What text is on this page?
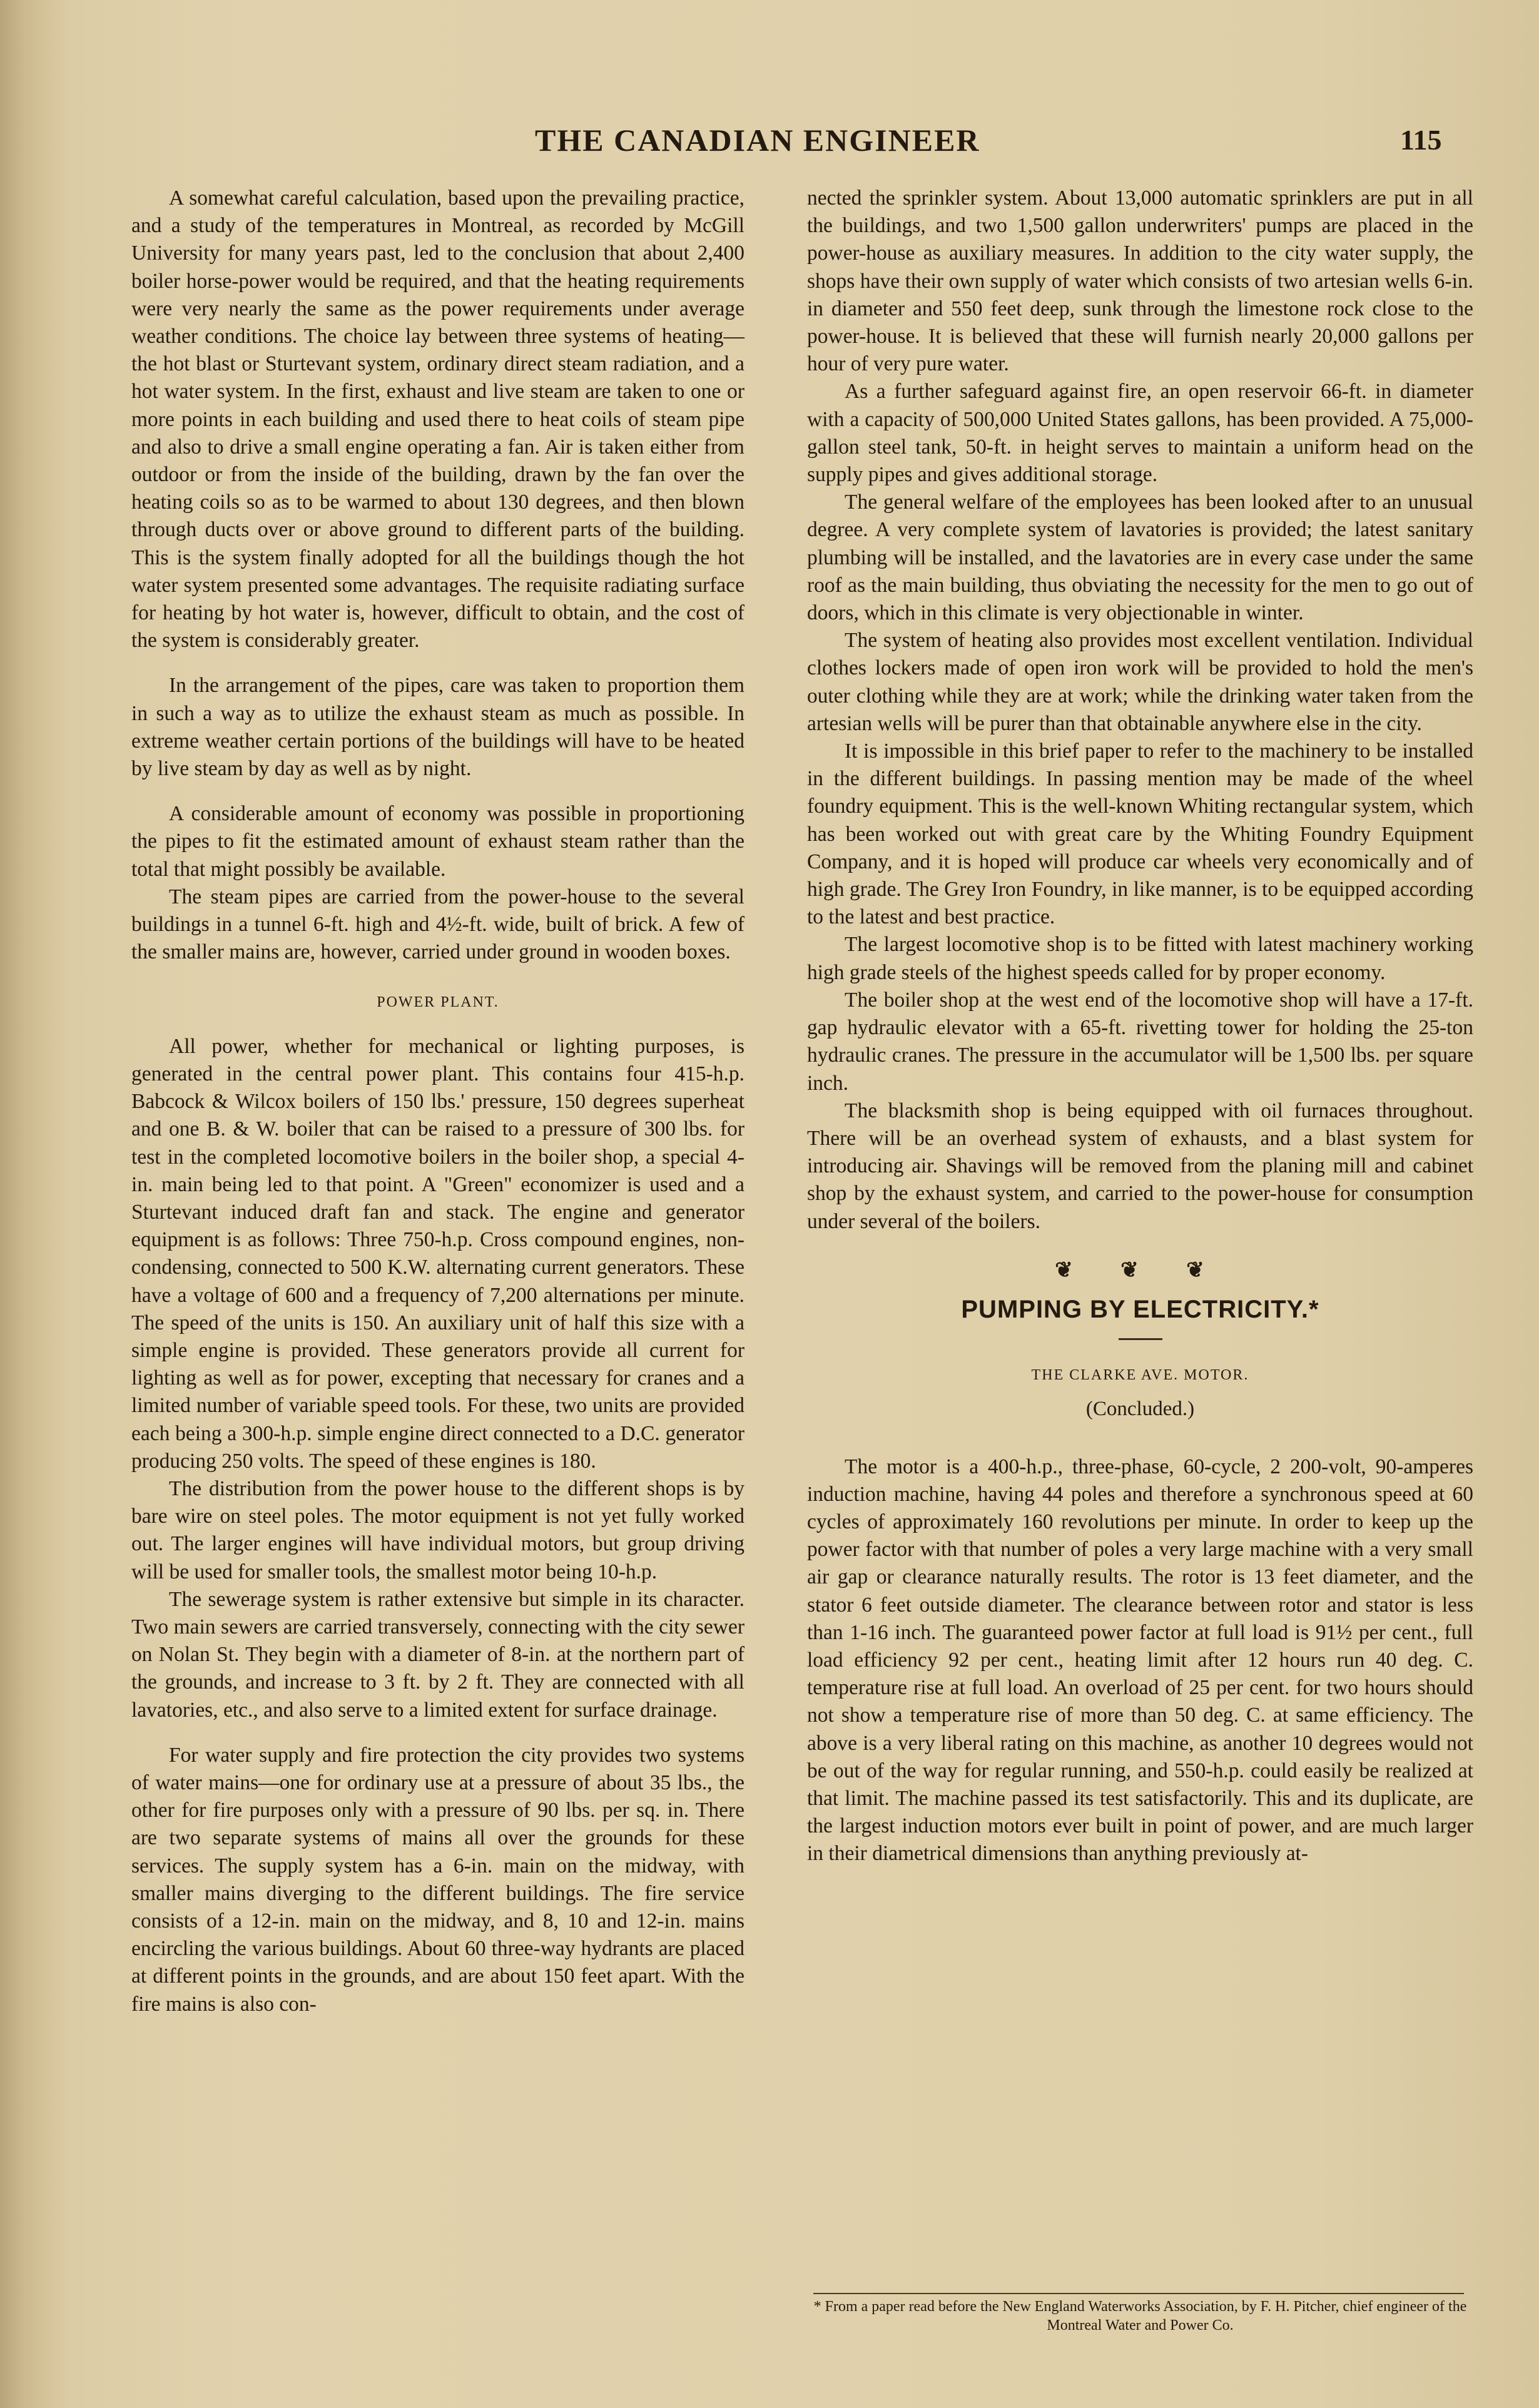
THE CANADIAN ENGINEER	115

A somewhat careful calculation, based upon the prevailing practice, and a study of the temperatures in Montreal, as recorded by McGill University for many years past, led to the conclusion that about 2,400 boiler horse-power would be required, and that the heating requirements were very nearly the same as the power requirements under average weather conditions. The choice lay between three systems of heating—the hot blast or Sturtevant system, ordinary direct steam radiation, and a hot water system. In the first, exhaust and live steam are taken to one or more points in each building and used there to heat coils of steam pipe and also to drive a small engine operating a fan. Air is taken either from outdoor or from the inside of the building, drawn by the fan over the heating coils so as to be warmed to about 130 degrees, and then blown through ducts over or above ground to different parts of the building. This is the system finally adopted for all the buildings though the hot water system presented some advantages. The requisite radiating surface for heating by hot water is, however, difficult to obtain, and the cost of the system is considerably greater.

In the arrangement of the pipes, care was taken to proportion them in such a way as to utilize the exhaust steam as much as possible. In extreme weather certain portions of the buildings will have to be heated by live steam by day as well as by night.

A considerable amount of economy was possible in proportioning the pipes to fit the estimated amount of exhaust steam rather than the total that might possibly be available.

The steam pipes are carried from the power-house to the several buildings in a tunnel 6-ft. high and 4½-ft. wide, built of brick. A few of the smaller mains are, however, carried under ground in wooden boxes.

POWER PLANT.

All power, whether for mechanical or lighting purposes, is generated in the central power plant. This contains four 415-h.p. Babcock & Wilcox boilers of 150 lbs.' pressure, 150 degrees superheat and one B. & W. boiler that can be raised to a pressure of 300 lbs. for test in the completed locomotive boilers in the boiler shop, a special 4-in. main being led to that point. A "Green" economizer is used and a Sturtevant induced draft fan and stack. The engine and generator equipment is as follows: Three 750-h.p. Cross compound engines, non-condensing, connected to 500 K.W. alternating current generators. These have a voltage of 600 and a frequency of 7,200 alternations per minute. The speed of the units is 150. An auxiliary unit of half this size with a simple engine is provided. These generators provide all current for lighting as well as for power, excepting that necessary for cranes and a limited number of variable speed tools. For these, two units are provided each being a 300-h.p. simple engine direct connected to a D.C. generator producing 250 volts. The speed of these engines is 180.

The distribution from the power house to the different shops is by bare wire on steel poles. The motor equipment is not yet fully worked out. The larger engines will have individual motors, but group driving will be used for smaller tools, the smallest motor being 10-h.p.

The sewerage system is rather extensive but simple in its character. Two main sewers are carried transversely, connecting with the city sewer on Nolan St. They begin with a diameter of 8-in. at the northern part of the grounds, and increase to 3 ft. by 2 ft. They are connected with all lavatories, etc., and also serve to a limited extent for surface drainage.

For water supply and fire protection the city provides two systems of water mains—one for ordinary use at a pressure of about 35 lbs., the other for fire purposes only with a pressure of 90 lbs. per sq. in. There are two separate systems of mains all over the grounds for these services. The supply system has a 6-in. main on the midway, with smaller mains diverging to the different buildings. The fire service consists of a 12-in. main on the midway, and 8, 10 and 12-in. mains encircling the various buildings. About 60 three-way hydrants are placed at different points in the grounds, and are about 150 feet apart. With the fire mains is also con-

nected the sprinkler system. About 13,000 automatic sprinklers are put in all the buildings, and two 1,500 gallon underwriters' pumps are placed in the power-house as auxiliary measures. In addition to the city water supply, the shops have their own supply of water which consists of two artesian wells 6-in. in diameter and 550 feet deep, sunk through the limestone rock close to the power-house. It is believed that these will furnish nearly 20,000 gallons per hour of very pure water.

As a further safeguard against fire, an open reservoir 66-ft. in diameter with a capacity of 500,000 United States gallons, has been provided. A 75,000-gallon steel tank, 50-ft. in height serves to maintain a uniform head on the supply pipes and gives additional storage.

The general welfare of the employees has been looked after to an unusual degree. A very complete system of lavatories is provided; the latest sanitary plumbing will be installed, and the lavatories are in every case under the same roof as the main building, thus obviating the necessity for the men to go out of doors, which in this climate is very objectionable in winter.

The system of heating also provides most excellent ventilation. Individual clothes lockers made of open iron work will be provided to hold the men's outer clothing while they are at work; while the drinking water taken from the artesian wells will be purer than that obtainable anywhere else in the city.

It is impossible in this brief paper to refer to the machinery to be installed in the different buildings. In passing mention may be made of the wheel foundry equipment. This is the well-known Whiting rectangular system, which has been worked out with great care by the Whiting Foundry Equipment Company, and it is hoped will produce car wheels very economically and of high grade. The Grey Iron Foundry, in like manner, is to be equipped according to the latest and best practice.

The largest locomotive shop is to be fitted with latest machinery working high grade steels of the highest speeds called for by proper economy.

The boiler shop at the west end of the locomotive shop will have a 17-ft. gap hydraulic elevator with a 65-ft. rivetting tower for holding the 25-ton hydraulic cranes. The pressure in the accumulator will be 1,500 lbs. per square inch.

The blacksmith shop is being equipped with oil furnaces throughout. There will be an overhead system of exhausts, and a blast system for introducing air. Shavings will be removed from the planing mill and cabinet shop by the exhaust system, and carried to the power-house for consumption under several of the boilers.

❦ ❦ ❦
PUMPING BY ELECTRICITY.*
THE CLARKE AVE. MOTOR.
(Concluded.)

The motor is a 400-h.p., three-phase, 60-cycle, 2 200-volt, 90-amperes induction machine, having 44 poles and therefore a synchronous speed at 60 cycles of approximately 160 revolutions per minute. In order to keep up the power factor with that number of poles a very large machine with a very small air gap or clearance naturally results. The rotor is 13 feet diameter, and the stator 6 feet outside diameter. The clearance between rotor and stator is less than 1-16 inch. The guaranteed power factor at full load is 91½ per cent., full load efficiency 92 per cent., heating limit after 12 hours run 40 deg. C. temperature rise at full load. An overload of 25 per cent. for two hours should not show a temperature rise of more than 50 deg. C. at same efficiency. The above is a very liberal rating on this machine, as another 10 degrees would not be out of the way for regular running, and 550-h.p. could easily be realized at that limit. The machine passed its test satisfactorily. This and its duplicate, are the largest induction motors ever built in point of power, and are much larger in their diametrical dimensions than anything previously at-

* From a paper read before the New England Waterworks Association, by F. H. Pitcher, chief engineer of the Montreal Water and Power Co.
